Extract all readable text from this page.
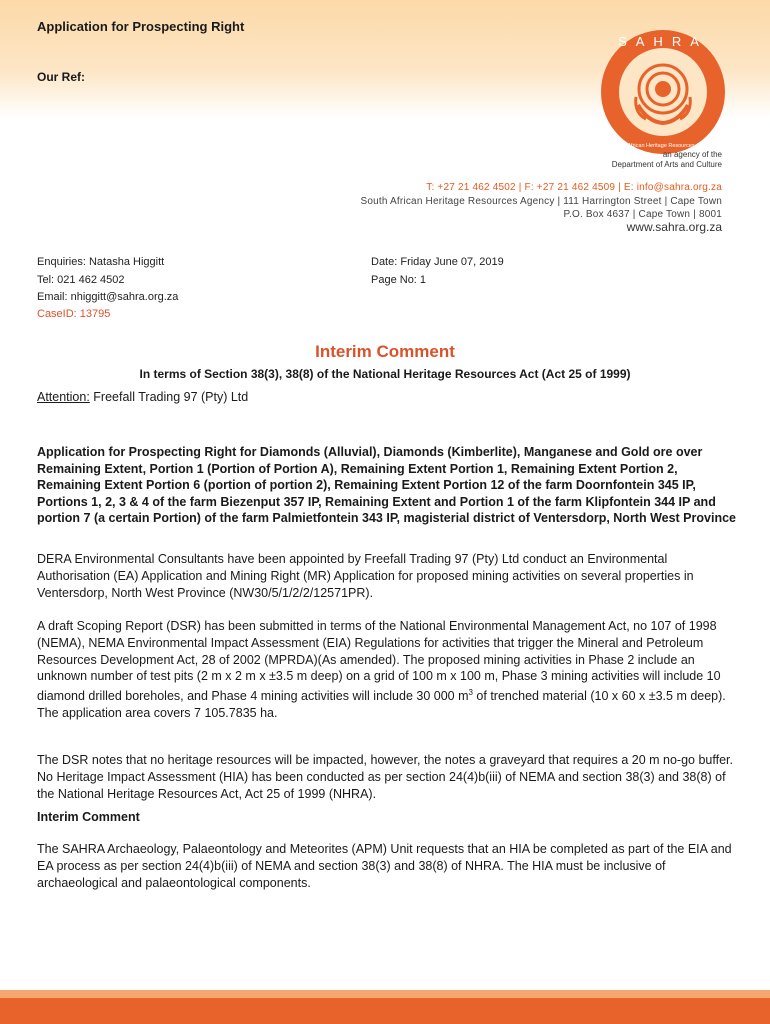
Application for Prospecting Right
Our Ref:
SAHRA
South African Heritage Resources Agency
an agency of the
Department of Arts and Culture
T: +27 21 462 4502 | F: +27 21 462 4509 | E: info@sahra.org.za
South African Heritage Resources Agency | 111 Harrington Street | Cape Town
P.O. Box 4637 | Cape Town | 8001
www.sahra.org.za
Enquiries: Natasha Higgitt
Tel: 021 462 4502
Email: nhiggitt@sahra.org.za
CaseID: 13795
Date: Friday June 07, 2019
Page No: 1
Interim Comment
In terms of Section 38(3), 38(8) of the National Heritage Resources Act (Act 25 of 1999)
Attention: Freefall Trading 97 (Pty) Ltd
Application for Prospecting Right for Diamonds (Alluvial), Diamonds (Kimberlite), Manganese and Gold ore over Remaining Extent, Portion 1 (Portion of Portion A), Remaining Extent Portion 1, Remaining Extent Portion 2, Remaining Extent Portion 6 (portion of portion 2), Remaining Extent Portion 12 of the farm Doornfontein 345 IP, Portions 1, 2, 3 & 4 of the farm Biezenput 357 IP, Remaining Extent and Portion 1 of the farm Klipfontein 344 IP and portion 7 (a certain Portion) of the farm Palmietfontein 343 IP, magisterial district of Ventersdorp, North West Province
DERA Environmental Consultants have been appointed by Freefall Trading 97 (Pty) Ltd conduct an Environmental Authorisation (EA) Application and Mining Right (MR) Application for proposed mining activities on several properties in Ventersdorp, North West Province (NW30/5/1/2/2/12571PR).
A draft Scoping Report (DSR) has been submitted in terms of the National Environmental Management Act, no 107 of 1998 (NEMA), NEMA Environmental Impact Assessment (EIA) Regulations for activities that trigger the Mineral and Petroleum Resources Development Act, 28 of 2002 (MPRDA)(As amended). The proposed mining activities in Phase 2 include an unknown number of test pits (2 m x 2 m x ±3.5 m deep) on a grid of 100 m x 100 m, Phase 3 mining activities will include 10 diamond drilled boreholes, and Phase 4 mining activities will include 30 000 $m^3$ of trenched material (10 x 60 x ±3.5 m deep). The application area covers 7 105.7835 ha.
The DSR notes that no heritage resources will be impacted, however, the notes a graveyard that requires a 20 m no-go buffer. No Heritage Impact Assessment (HIA) has been conducted as per section 24(4)b(iii) of NEMA and section 38(3) and 38(8) of the National Heritage Resources Act, Act 25 of 1999 (NHRA).
Interim Comment
The SAHRA Archaeology, Palaeontology and Meteorites (APM) Unit requests that an HIA be completed as part of the EIA and EA process as per section 24(4)b(iii) of NEMA and section 38(3) and 38(8) of NHRA. The HIA must be inclusive of archaeological and palaeontological components.
